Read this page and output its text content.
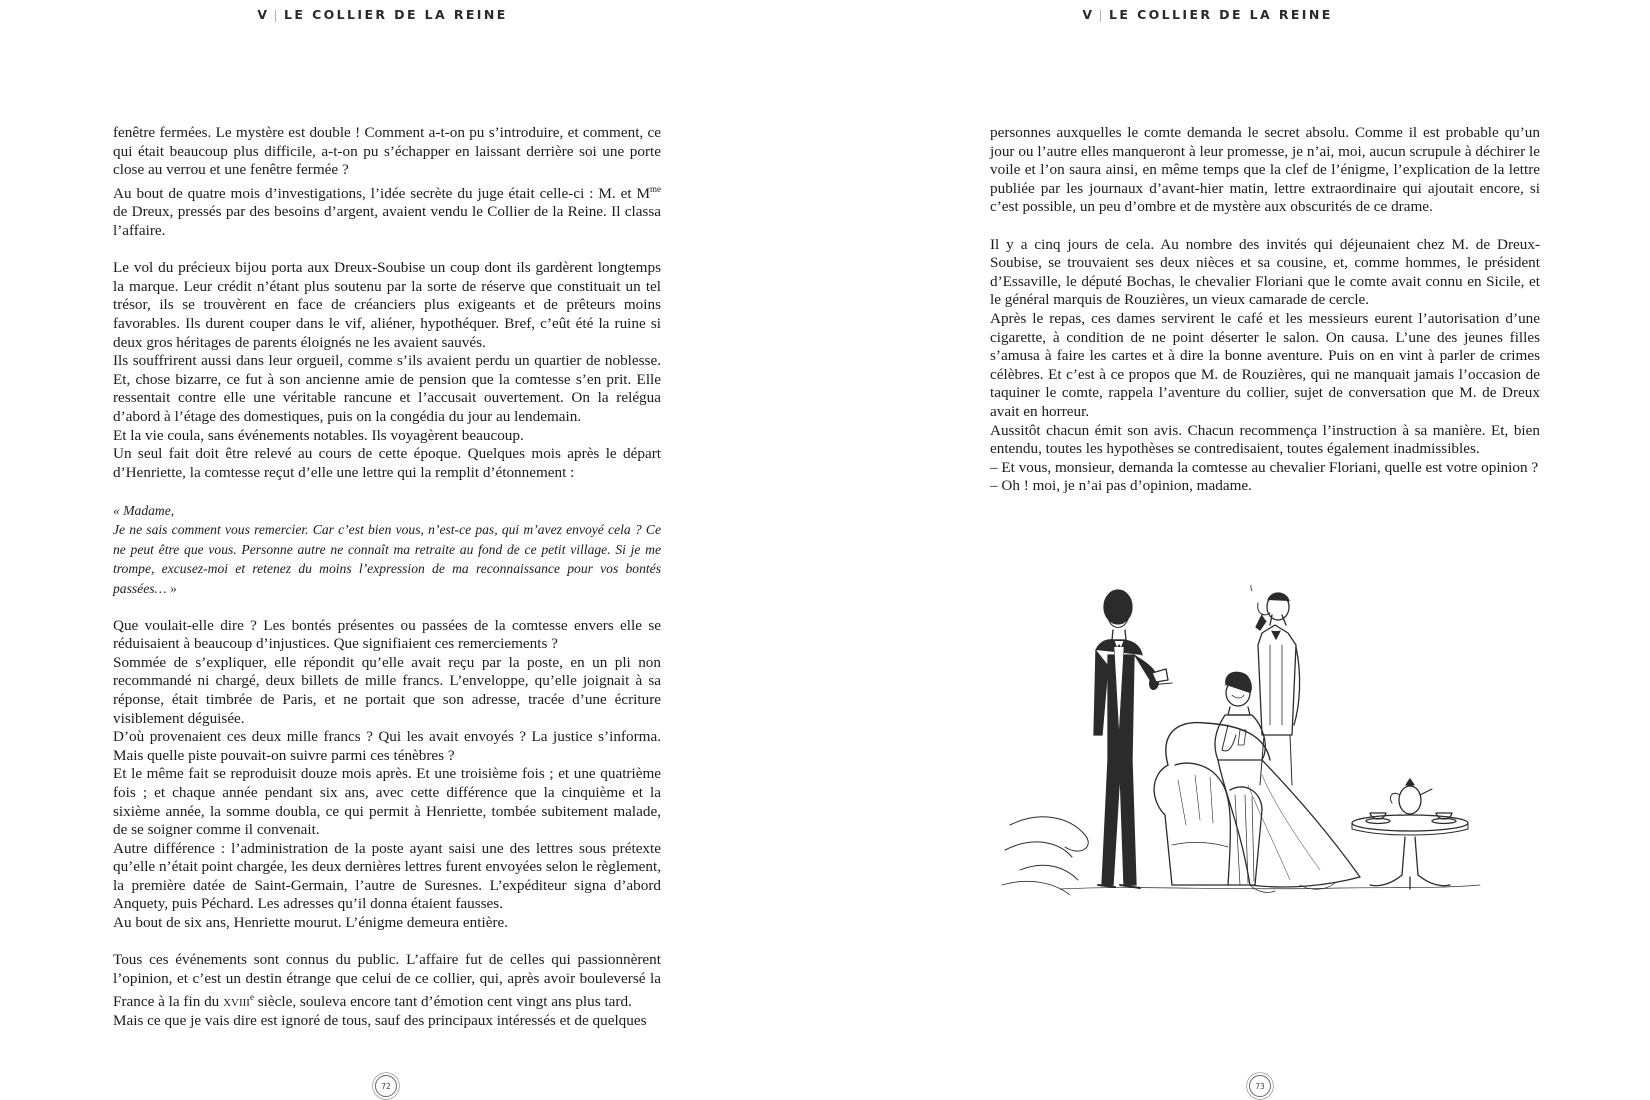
V | LE COLLIER DE LA REINE

fenêtre fermées. Le mystère est double ! Comment a-t-on pu s’introduire, et comment, ce qui était beaucoup plus difficile, a-t-on pu s’échapper en laissant derrière soi une porte close au verrou et une fenêtre fermée ?

Au bout de quatre mois d’investigations, l’idée secrète du juge était celle-ci : M. et $M^{me}$ de Dreux, pressés par des besoins d’argent, avaient vendu le Collier de la Reine. Il classa l’affaire.

Le vol du précieux bijou porta aux Dreux-Soubise un coup dont ils gardèrent longtemps la marque. Leur crédit n’étant plus soutenu par la sorte de réserve que constituait un tel trésor, ils se trouvèrent en face de créanciers plus exigeants et de prêteurs moins favorables. Ils durent couper dans le vif, aliéner, hypothéquer. Bref, c’eût été la ruine si deux gros héritages de parents éloignés ne les avaient sauvés.

Ils souffrirent aussi dans leur orgueil, comme s’ils avaient perdu un quartier de noblesse. Et, chose bizarre, ce fut à son ancienne amie de pension que la comtesse s’en prit. Elle ressentait contre elle une véritable rancune et l’accusait ouvertement. On la relégua d’abord à l’étage des domestiques, puis on la congédia du jour au lendemain.

Et la vie coula, sans événements notables. Ils voyagèrent beaucoup.

Un seul fait doit être relevé au cours de cette époque. Quelques mois après le départ d’Henriette, la comtesse reçut d’elle une lettre qui la remplit d’étonnement :

« Madame,

Je ne sais comment vous remercier. Car c’est bien vous, n’est-ce pas, qui m’avez envoyé cela ? Ce ne peut être que vous. Personne autre ne connaît ma retraite au fond de ce petit village. Si je me trompe, excusez-moi et retenez du moins l’expression de ma reconnaissance pour vos bontés passées… »

Que voulait-elle dire ? Les bontés présentes ou passées de la comtesse envers elle se réduisaient à beaucoup d’injustices. Que signifiaient ces remerciements ?

Sommée de s’expliquer, elle répondit qu’elle avait reçu par la poste, en un pli non recommandé ni chargé, deux billets de mille francs. L’enveloppe, qu’elle joignait à sa réponse, était timbrée de Paris, et ne portait que son adresse, tracée d’une écriture visiblement déguisée.

D’où provenaient ces deux mille francs ? Qui les avait envoyés ? La justice s’informa. Mais quelle piste pouvait-on suivre parmi ces ténèbres ?

Et le même fait se reproduisit douze mois après. Et une troisième fois ; et une quatrième fois ; et chaque année pendant six ans, avec cette différence que la cinquième et la sixième année, la somme doubla, ce qui permit à Henriette, tombée subitement malade, de se soigner comme il convenait.

Autre différence : l’administration de la poste ayant saisi une des lettres sous prétexte qu’elle n’était point chargée, les deux dernières lettres furent envoyées selon le règlement, la première datée de Saint-Germain, l’autre de Suresnes. L’expéditeur signa d’abord Anquety, puis Péchard. Les adresses qu’il donna étaient fausses.

Au bout de six ans, Henriette mourut. L’énigme demeura entière.

Tous ces événements sont connus du public. L’affaire fut de celles qui passionnèrent l’opinion, et c’est un destin étrange que celui de ce collier, qui, après avoir bouleversé la France à la fin du xviii$^e$ siècle, souleva encore tant d’émotion cent vingt ans plus tard.

Mais ce que je vais dire est ignoré de tous, sauf des principaux intéressés et de quelques

72
V | LE COLLIER DE LA REINE

personnes auxquelles le comte demanda le secret absolu. Comme il est probable qu’un jour ou l’autre elles manqueront à leur promesse, je n’ai, moi, aucun scrupule à déchirer le voile et l’on saura ainsi, en même temps que la clef de l’énigme, l’explication de la lettre publiée par les journaux d’avant-hier matin, lettre extraordinaire qui ajoutait encore, si c’est possible, un peu d’ombre et de mystère aux obscurités de ce drame.

Il y a cinq jours de cela. Au nombre des invités qui déjeunaient chez M. de Dreux-Soubise, se trouvaient ses deux nièces et sa cousine, et, comme hommes, le président d’Essaville, le député Bochas, le chevalier Floriani que le comte avait connu en Sicile, et le général marquis de Rouzières, un vieux camarade de cercle.

Après le repas, ces dames servirent le café et les messieurs eurent l’autorisation d’une cigarette, à condition de ne point déserter le salon. On causa. L’une des jeunes filles s’amusa à faire les cartes et à dire la bonne aventure. Puis on en vint à parler de crimes célèbres. Et c’est à ce propos que M. de Rouzières, qui ne manquait jamais l’occasion de taquiner le comte, rappela l’aventure du collier, sujet de conversation que M. de Dreux avait en horreur.

Aussitôt chacun émit son avis. Chacun recommença l’instruction à sa manière. Et, bien entendu, toutes les hypothèses se contredisaient, toutes également inadmissibles.

– Et vous, monsieur, demanda la comtesse au chevalier Floriani, quelle est votre opinion ?

– Oh ! moi, je n’ai pas d’opinion, madame.

73
